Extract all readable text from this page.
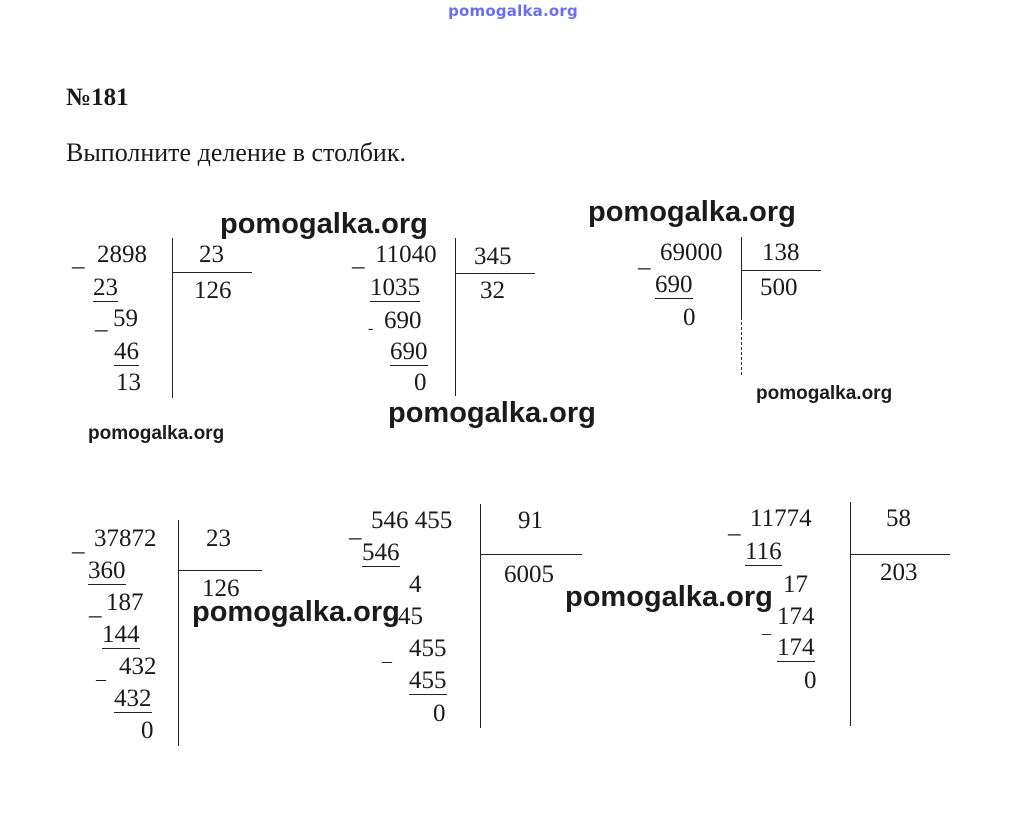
pomogalka.org
№181
Выполните деление в столбик.
_ 2898
23
_ 59
46
13
23
126
_ 11040
1035
- 690
690
0
345
32
_ 69000
690
0
138
500
_ 37872
360
_ 187
144
– 432
432
0
23
126
_ 546 455
546
4
45
– 455
455
0
91
6005
_ 11774
116
17
–
174
174
0
58
203
pomogalka.org	pomogalka.org
pomogalka.org
pomogalka.org
pomogalka.org
pomogalka.org	pomogalka.org
